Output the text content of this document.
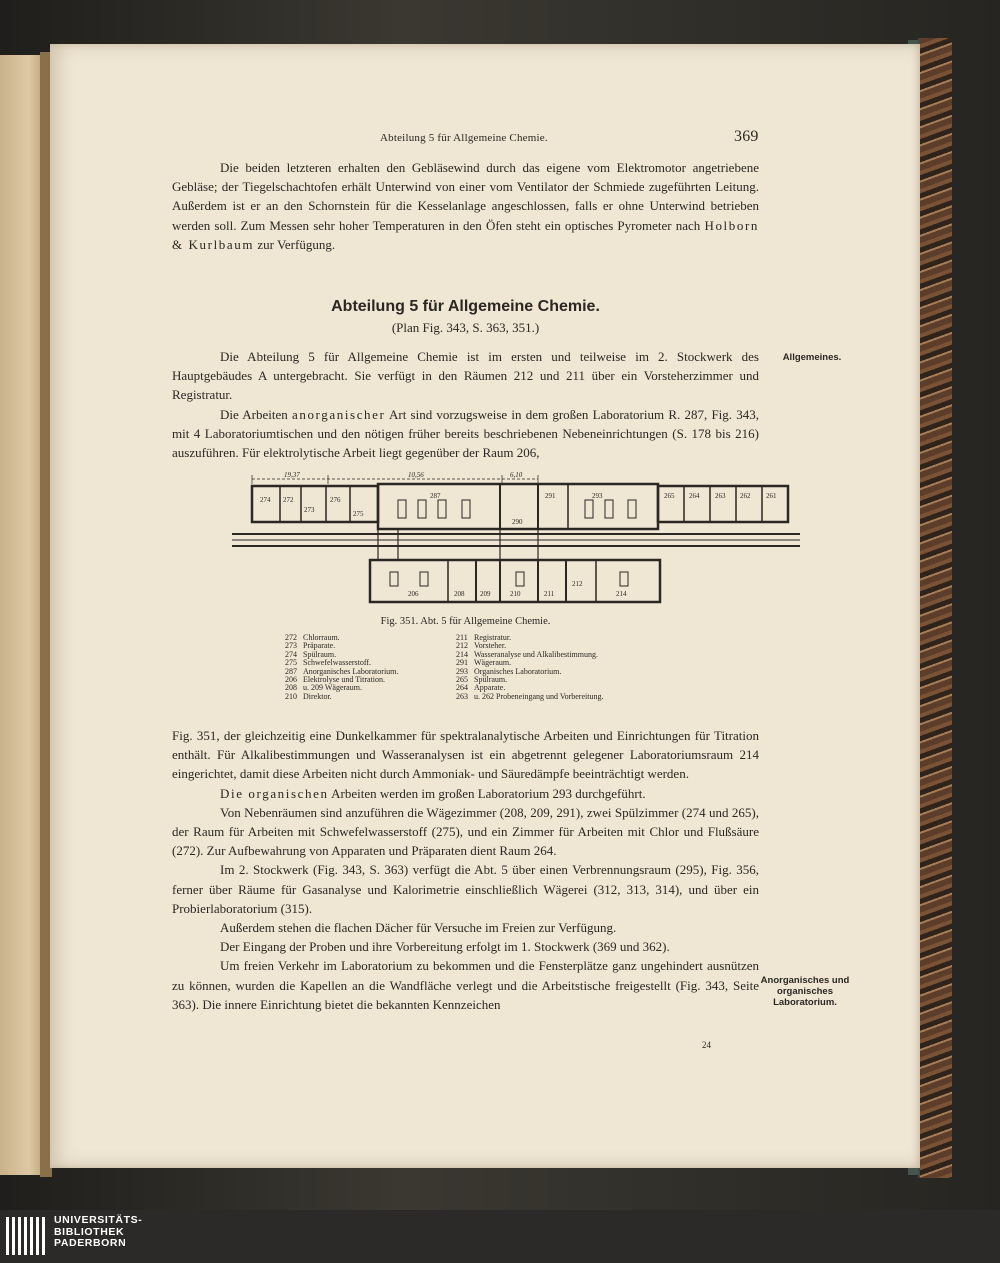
Abteilung 5 für Allgemeine Chemie.	369

Die beiden letzteren erhalten den Gebläsewind durch das eigene vom Elektromotor angetriebene Gebläse; der Tiegelschachtofen erhält Unterwind von einer vom Ventilator der Schmiede zugeführten Leitung. Außerdem ist er an den Schornstein für die Kesselanlage angeschlossen, falls er ohne Unterwind betrieben werden soll. Zum Messen sehr hoher Temperaturen in den Öfen steht ein optisches Pyrometer nach Holborn & Kurlbaum zur Verfügung.

Abteilung 5 für Allgemeine Chemie.
(Plan Fig. 343, S. 363, 351.)

Die Abteilung 5 für Allgemeine Chemie ist im ersten und teilweise im 2. Stockwerk des Hauptgebäudes A untergebracht. Sie verfügt in den Räumen 212 und 211 über ein Vorsteherzimmer und Registratur.

Die Arbeiten anorganischer Art sind vorzugsweise in dem großen Laboratorium R. 287, Fig. 343, mit 4 Laboratoriumtischen und den nötigen früher bereits beschriebenen Nebeneinrichtungen (S. 178 bis 216) auszuführen. Für elektrolytische Arbeit liegt gegenüber der Raum 206,

Allgemeines.
19,37	10,56	6,10
274 272
273
276
275
287
290
291	293	265 264 263 262 261
206	208 209	210	211
212
214
Fig. 351. Abt. 5 für Allgemeine Chemie.
272 Chlorraum.
273 Präparate.
274 Spülraum.
275 Schwefelwasserstoff.
287 Anorganisches Laboratorium.
206 Elektrolyse und Titration.
208 u. 209 Wägeraum.
210 Direktor.
211 Registratur.
212 Vorsteher.
214 Wasseranalyse und Alkalibestimmung.
291 Wägeraum.
293 Organisches Laboratorium.
265 Spülraum.
264 Apparate.
263 u. 262 Probeneingang und Vorbereitung.

Fig. 351, der gleichzeitig eine Dunkelkammer für spektralanalytische Arbeiten und Einrichtungen für Titration enthält. Für Alkalibestimmungen und Wasseranalysen ist ein abgetrennt gelegener Laboratoriumsraum 214 eingerichtet, damit diese Arbeiten nicht durch Ammoniak- und Säuredämpfe beeinträchtigt werden.

Die organischen Arbeiten werden im großen Laboratorium 293 durchgeführt.

Von Nebenräumen sind anzuführen die Wägezimmer (208, 209, 291), zwei Spülzimmer (274 und 265), der Raum für Arbeiten mit Schwefelwasserstoff (275), und ein Zimmer für Arbeiten mit Chlor und Flußsäure (272). Zur Aufbewahrung von Apparaten und Präparaten dient Raum 264.

Im 2. Stockwerk (Fig. 343, S. 363) verfügt die Abt. 5 über einen Verbrennungsraum (295), Fig. 356, ferner über Räume für Gasanalyse und Kalorimetrie einschließlich Wägerei (312, 313, 314), und über ein Probierlaboratorium (315).

Außerdem stehen die flachen Dächer für Versuche im Freien zur Verfügung.

Der Eingang der Proben und ihre Vorbereitung erfolgt im 1. Stockwerk (369 und 362).

Um freien Verkehr im Laboratorium zu bekommen und die Fensterplätze ganz ungehindert ausnützen zu können, wurden die Kapellen an die Wandfläche verlegt und die Arbeitstische freigestellt (Fig. 343, Seite 363). Die innere Einrichtung bietet die bekannten Kennzeichen

Anorganisches und organisches Laboratorium.
24
UNIVERSITÄTS-
BIBLIOTHEK
PADERBORN
